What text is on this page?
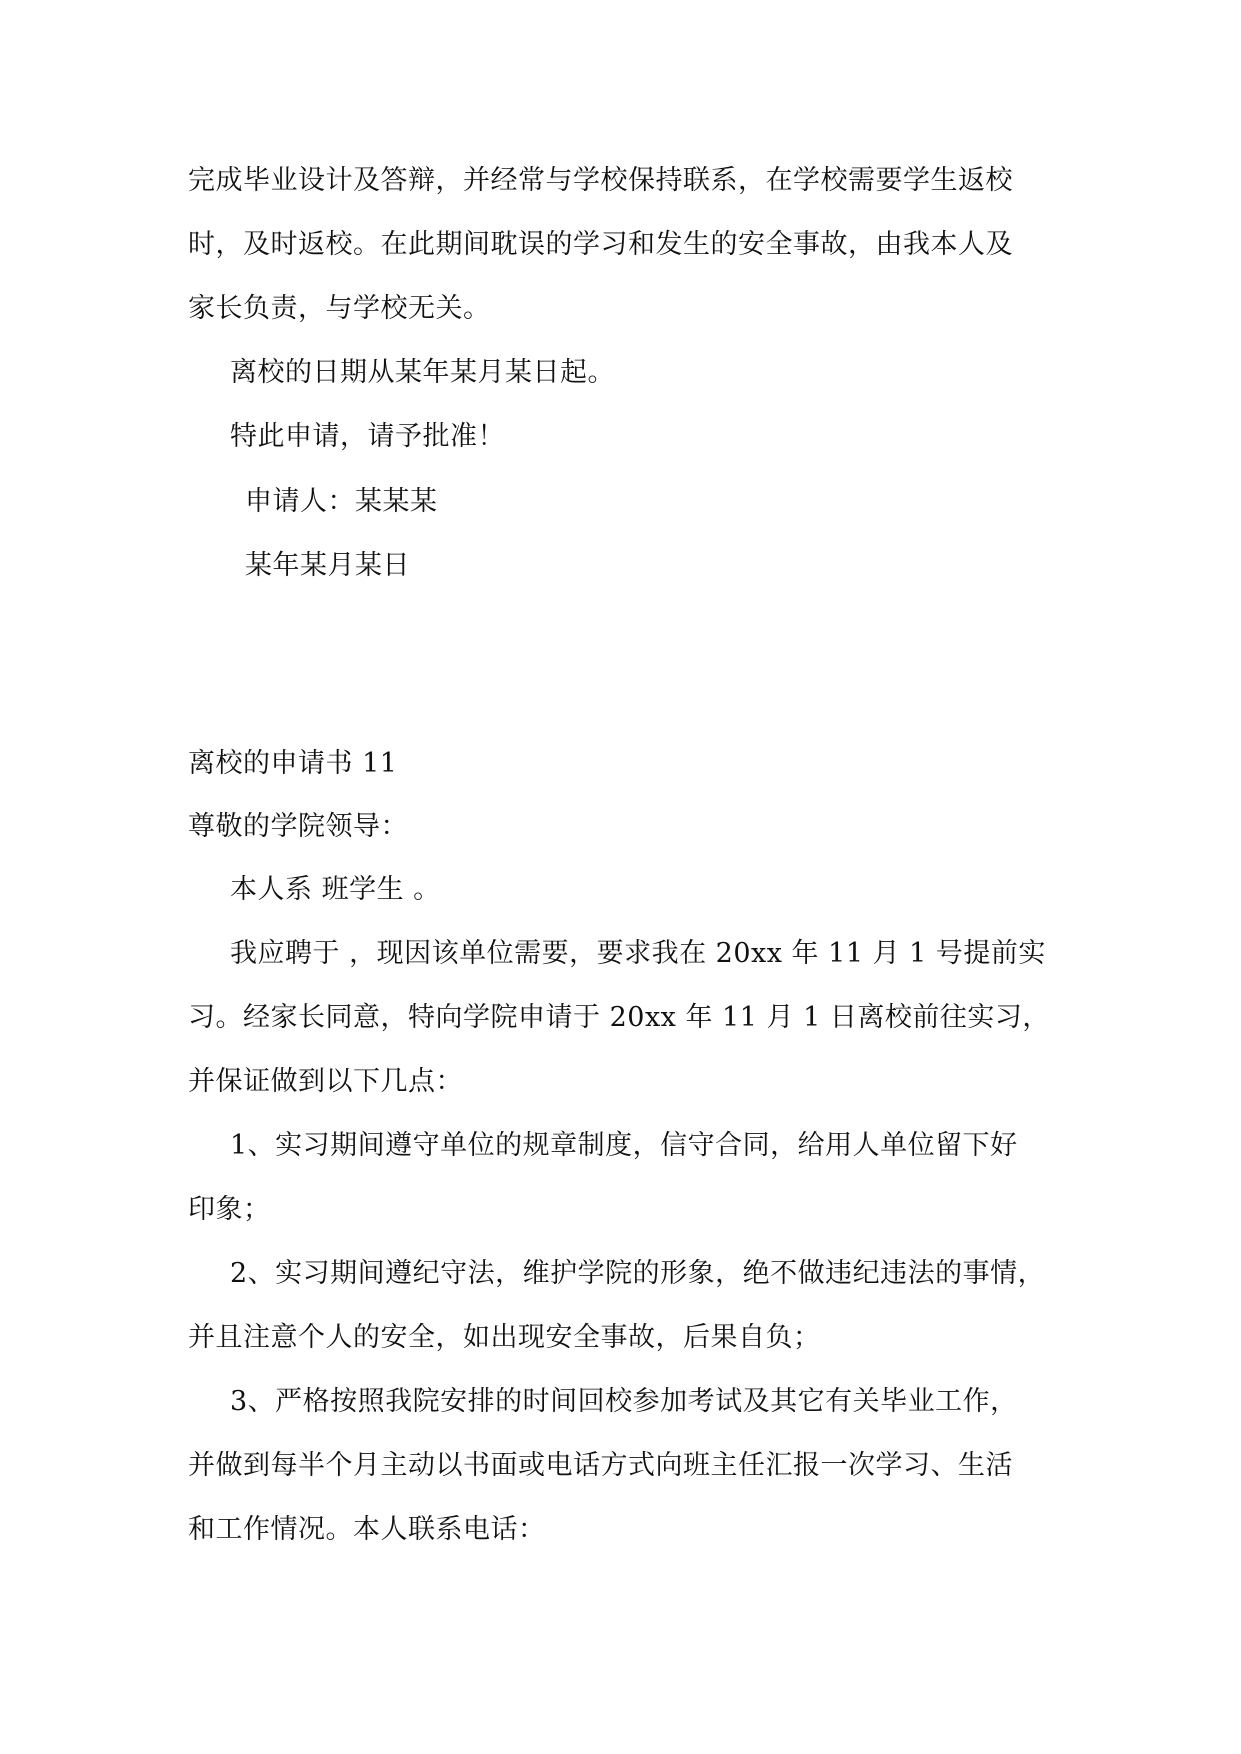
完成毕业设计及答辩，并经常与学校保持联系，在学校需要学生返校
时，及时返校。在此期间耽误的学习和发生的安全事故，由我本人及
家长负责，与学校无关。
离校的日期从某年某月某日起。
特此申请，请予批准！
申请人：某某某
某年某月某日
离校的申请书 11
尊敬的学院领导：
本人系 班学生 。
我应聘于 ，现因该单位需要，要求我在 20xx 年 11 月 1 号提前实
习。经家长同意，特向学院申请于 20xx 年 11 月 1 日离校前往实习，
并保证做到以下几点：
1、实习期间遵守单位的规章制度，信守合同，给用人单位留下好
印象；
2、实习期间遵纪守法，维护学院的形象，绝不做违纪违法的事情，
并且注意个人的安全，如出现安全事故，后果自负；
3、严格按照我院安排的时间回校参加考试及其它有关毕业工作，
并做到每半个月主动以书面或电话方式向班主任汇报一次学习、生活
和工作情况。本人联系电话：
